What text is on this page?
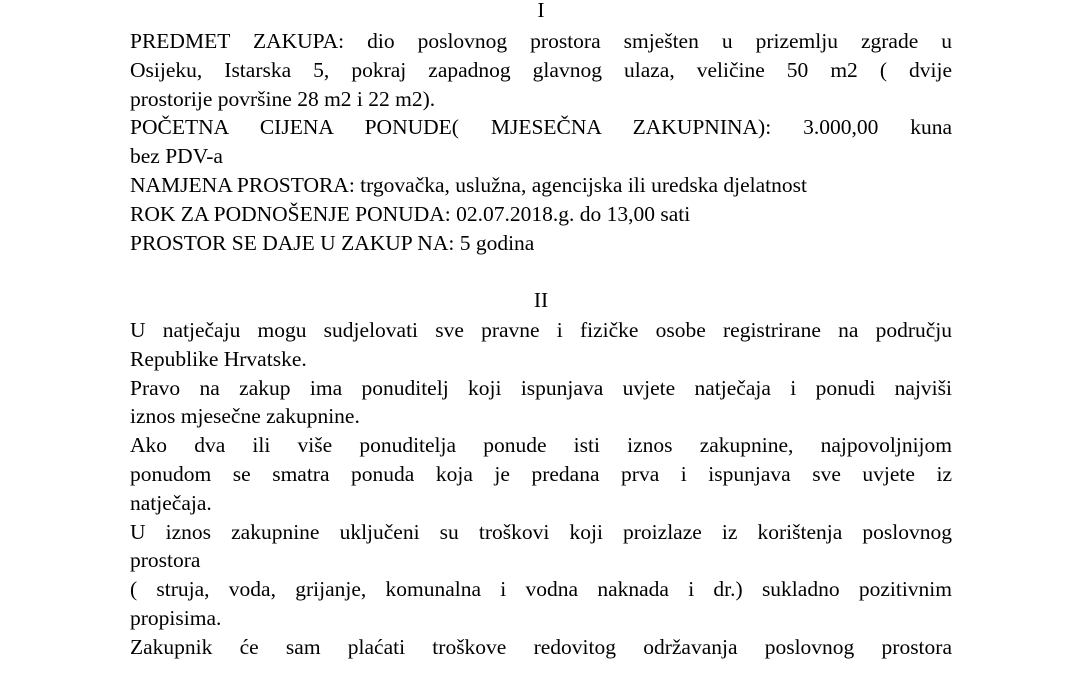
I
PREDMET ZAKUPA: dio poslovnog prostora smješten u prizemlju zgrade u
Osijeku, Istarska 5, pokraj zapadnog glavnog ulaza, veličine 50 m2 ( dvije
prostorije površine 28 m2 i 22 m2).
POČETNA CIJENA PONUDE( MJESEČNA ZAKUPNINA): 3.000,00 kuna
bez PDV-a
NAMJENA PROSTORA: trgovačka, uslužna, agencijska ili uredska djelatnost
ROK ZA PODNOŠENJE PONUDA: 02.07.2018.g. do 13,00 sati
PROSTOR SE DAJE U ZAKUP NA: 5 godina
II
U natječaju mogu sudjelovati sve pravne i fizičke osobe registrirane na području
Republike Hrvatske.
Pravo na zakup ima ponuditelj koji ispunjava uvjete natječaja i ponudi najviši
iznos mjesečne zakupnine.
Ako dva ili više ponuditelja ponude isti iznos zakupnine, najpovoljnijom
ponudom se smatra ponuda koja je predana prva i ispunjava sve uvjete iz
natječaja.
U iznos zakupnine uključeni su troškovi koji proizlaze iz korištenja poslovnog
prostora
( struja, voda, grijanje, komunalna i vodna naknada i dr.) sukladno pozitivnim
propisima.
Zakupnik će sam plaćati troškove redovitog održavanja poslovnog prostora
